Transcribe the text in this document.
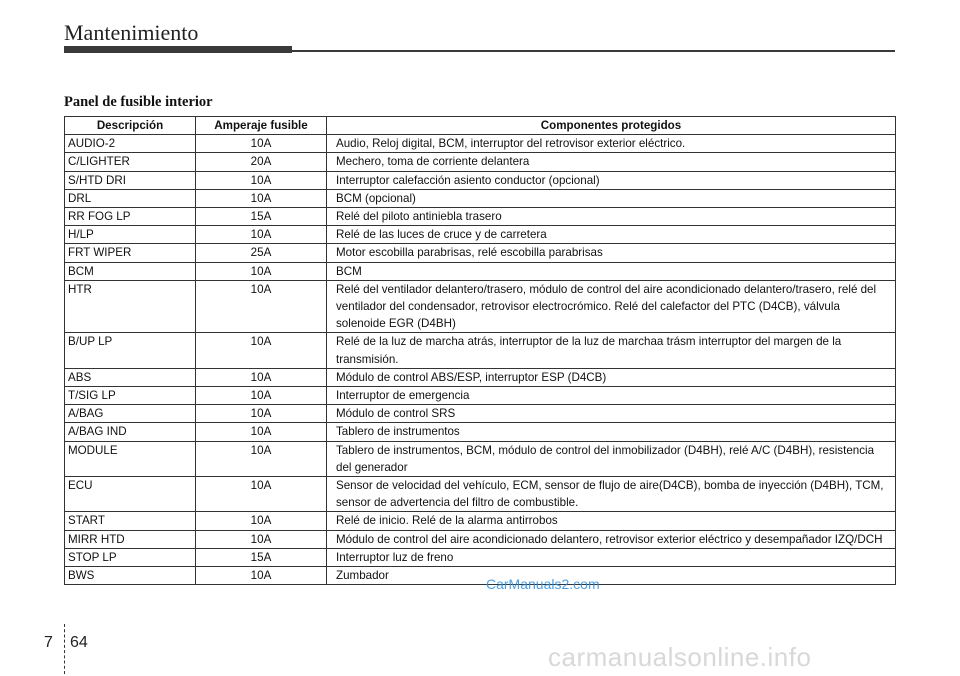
Mantenimiento
Panel de fusible interior
Descripción	Amperaje fusible	Componentes protegidos
AUDIO-2	10A	Audio, Reloj digital, BCM, interruptor del retrovisor exterior eléctrico.
C/LIGHTER	20A	Mechero, toma de corriente delantera
S/HTD DRI	10A	Interruptor calefacción asiento conductor (opcional)
DRL	10A	BCM (opcional)
RR FOG LP	15A	Relé del piloto antiniebla trasero
H/LP	10A	Relé de las luces de cruce y de carretera
FRT WIPER	25A	Motor escobilla parabrisas, relé escobilla parabrisas
BCM	10A	BCM
HTR	10A	Relé del ventilador delantero/trasero, módulo de control del aire acondicionado delantero/trasero, relé del ventilador del condensador, retrovisor electrocrómico. Relé del calefactor del PTC (D4CB), válvula solenoide EGR (D4BH)
B/UP LP	10A	Relé de la luz de marcha atrás, interruptor de la luz de marchaa trásm interruptor del margen de la transmisión.
ABS	10A	Módulo de control ABS/ESP, interruptor ESP (D4CB)
T/SIG LP	10A	Interruptor de emergencia
A/BAG	10A	Módulo de control SRS
A/BAG IND	10A	Tablero de instrumentos
MODULE	10A	Tablero de instrumentos, BCM, módulo de control del inmobilizador (D4BH), relé A/C (D4BH), resistencia del generador
ECU	10A	Sensor de velocidad del vehículo, ECM, sensor de flujo de aire(D4CB), bomba de inyección (D4BH), TCM, sensor de advertencia del filtro de combustible.
START	10A	Relé de inicio. Relé de la alarma antirrobos
MIRR HTD	10A	Módulo de control del aire acondicionado delantero, retrovisor exterior eléctrico y desempañador IZQ/DCH
STOP LP	15A	Interruptor luz de freno
BWS	10A	Zumbador
7 64
CarManuals2.com
carmanualsonline.info
